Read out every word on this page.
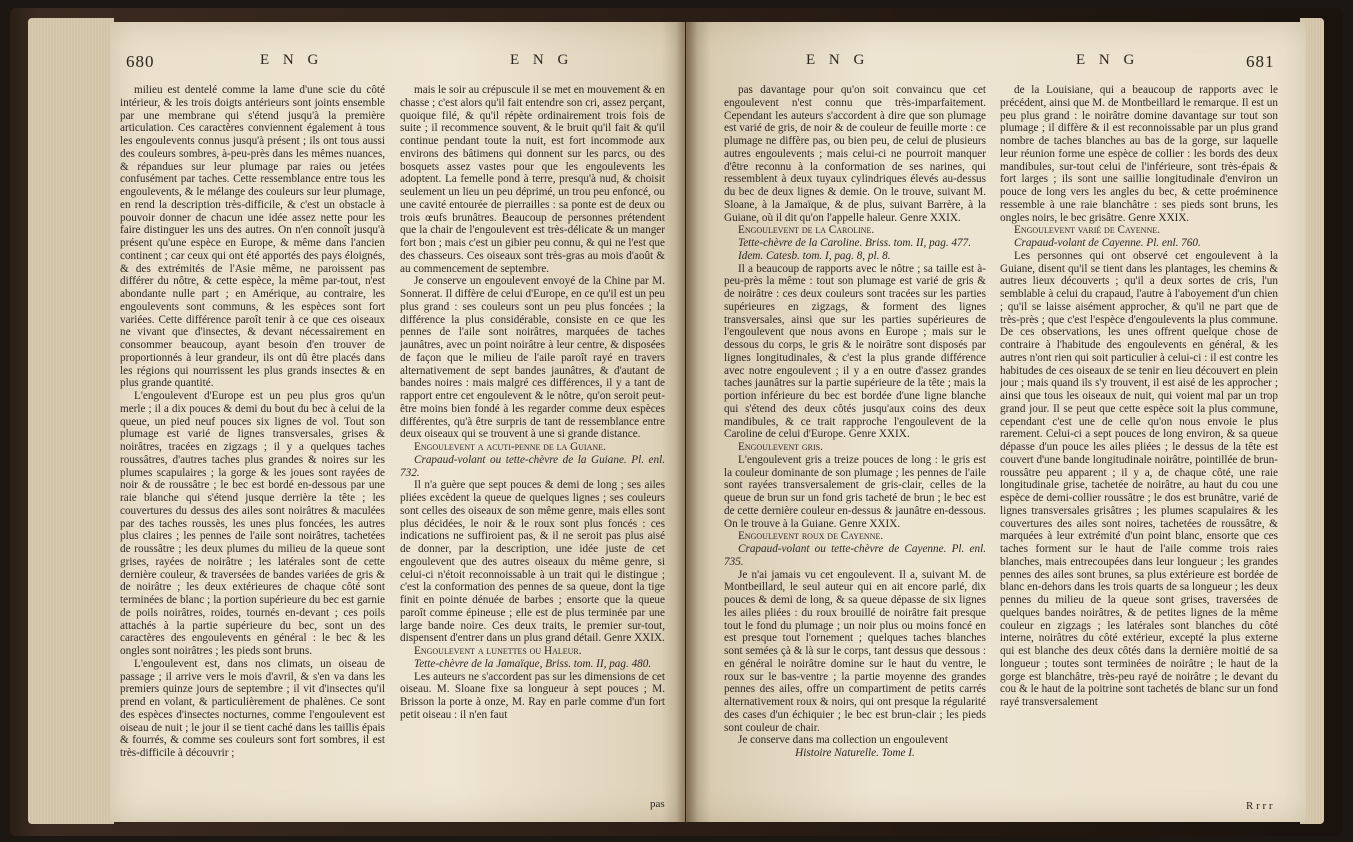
680	E N G	E N G

milieu est dentelé comme la lame d'une scie du côté intérieur, & les trois doigts antérieurs sont joints ensemble par une membrane qui s'étend jusqu'à la première articulation. Ces caractères conviennent également à tous les engoulevents connus jusqu'à présent ; ils ont tous aussi des couleurs sombres, à-peu-près dans les mêmes nuances, & répandues sur leur plumage par raies ou jetées confusément par taches. Cette ressemblance entre tous les engoulevents, & le mélange des couleurs sur leur plumage, en rend la description très-difficile, & c'est un obstacle à pouvoir donner de chacun une idée assez nette pour les faire distinguer les uns des autres. On n'en connoît jusqu'à présent qu'une espèce en Europe, & même dans l'ancien continent ; car ceux qui ont été apportés des pays éloignés, & des extrémités de l'Asie même, ne paroissent pas différer du nôtre, & cette espèce, la même par-tout, n'est abondante nulle part ; en Amérique, au contraire, les engoulevents sont communs, & les espèces sont fort variées. Cette différence paroît tenir à ce que ces oiseaux ne vivant que d'insectes, & devant nécessairement en consommer beaucoup, ayant besoin d'en trouver de proportionnés à leur grandeur, ils ont dû être placés dans les régions qui nourrissent les plus grands insectes & en plus grande quantité.

L'engoulevent d'Europe est un peu plus gros qu'un merle ; il a dix pouces & demi du bout du bec à celui de la queue, un pied neuf pouces six lignes de vol. Tout son plumage est varié de lignes transversales, grises & noirâtres, tracées en zigzags ; il y a quelques taches roussâtres, d'autres taches plus grandes & noires sur les plumes scapulaires ; la gorge & les joues sont rayées de noir & de roussâtre ; le bec est bordé en-dessous par une raie blanche qui s'étend jusque derrière la tête ; les couvertures du dessus des ailes sont noirâtres & maculées par des taches roussès, les unes plus foncées, les autres plus claires ; les pennes de l'aile sont noirâtres, tachetées de roussâtre ; les deux plumes du milieu de la queue sont grises, rayées de noirâtre ; les latérales sont de cette dernière couleur, & traversées de bandes variées de gris & de noirâtre ; les deux extérieures de chaque côté sont terminées de blanc ; la portion supérieure du bec est garnie de poils noirâtres, roides, tournés en-devant ; ces poils attachés à la partie supérieure du bec, sont un des caractères des engoulevents en général : le bec & les ongles sont noirâtres ; les pieds sont bruns.

L'engoulevent est, dans nos climats, un oiseau de passage ; il arrive vers le mois d'avril, & s'en va dans les premiers quinze jours de septembre ; il vit d'insectes qu'il prend en volant, & particulièrement de phalènes. Ce sont des espèces d'insectes nocturnes, comme l'engoulevent est oiseau de nuit ; le jour il se tient caché dans les taillis épais & fourrés, & comme ses couleurs sont fort sombres, il est très-difficile à découvrir ;

mais le soir au crépuscule il se met en mouvement & en chasse ; c'est alors qu'il fait entendre son cri, assez perçant, quoique filé, & qu'il répète ordinairement trois fois de suite ; il recommence souvent, & le bruit qu'il fait & qu'il continue pendant toute la nuit, est fort incommode aux environs des bâtimens qui donnent sur les parcs, ou des bosquets assez vastes pour que les engoulevents les adoptent. La femelle pond à terre, presqu'à nud, & choisit seulement un lieu un peu déprimé, un trou peu enfoncé, ou une cavité entourée de pierrailles : sa ponte est de deux ou trois œufs brunâtres. Beaucoup de personnes prétendent que la chair de l'engoulevent est très-délicate & un manger fort bon ; mais c'est un gibier peu connu, & qui ne l'est que des chasseurs. Ces oiseaux sont très-gras au mois d'août & au commencement de septembre.

Je conserve un engoulevent envoyé de la Chine par M. Sonnerat. Il diffère de celui d'Europe, en ce qu'il est un peu plus grand : ses couleurs sont un peu plus foncées ; la différence la plus considérable, consiste en ce que les pennes de l'aile sont noirâtres, marquées de taches jaunâtres, avec un point noirâtre à leur centre, & disposées de façon que le milieu de l'aile paroît rayé en travers alternativement de sept bandes jaunâtres, & d'autant de bandes noires : mais malgré ces différences, il y a tant de rapport entre cet engoulevent & le nôtre, qu'on seroit peut-être moins bien fondé à les regarder comme deux espèces différentes, qu'à être surpris de tant de ressemblance entre deux oiseaux qui se trouvent à une si grande distance.

Engoulevent a acuti-penne de la Guiane.

Crapaud-volant ou tette-chèvre de la Guiane. Pl. enl. 732.

Il n'a guère que sept pouces & demi de long ; ses ailes pliées excèdent la queue de quelques lignes ; ses couleurs sont celles des oiseaux de son même genre, mais elles sont plus décidées, le noir & le roux sont plus foncés : ces indications ne suffiroient pas, & il ne seroit pas plus aisé de donner, par la description, une idée juste de cet engoulevent que des autres oiseaux du même genre, si celui-ci n'étoit reconnoissable à un trait qui le distingue ; c'est la conformation des pennes de sa queue, dont la tige finit en pointe dénuée de barbes ; ensorte que la queue paroît comme épineuse ; elle est de plus terminée par une large bande noire. Ces deux traits, le premier sur-tout, dispensent d'entrer dans un plus grand détail. Genre XXIX.

Engoulevent a lunettes ou Haleur.

Tette-chèvre de la Jamaïque, Briss. tom. II, pag. 480.

Les auteurs ne s'accordent pas sur les dimensions de cet oiseau. M. Sloane fixe sa longueur à sept pouces ; M. Brisson la porte à onze, M. Ray en parle comme d'un fort petit oiseau : il n'en faut

pas
E N G	E N G	681

pas davantage pour qu'on soit convaincu que cet engoulevent n'est connu que très-imparfaitement. Cependant les auteurs s'accordent à dire que son plumage est varié de gris, de noir & de couleur de feuille morte : ce plumage ne diffère pas, ou bien peu, de celui de plusieurs autres engoulevents ; mais celui-ci ne pourroit manquer d'être reconnu à la conformation de ses narines, qui ressemblent à deux tuyaux cylindriques élevés au-dessus du bec de deux lignes & demie. On le trouve, suivant M. Sloane, à la Jamaïque, & de plus, suivant Barrère, à la Guiane, où il dit qu'on l'appelle haleur. Genre XXIX.

Engoulevent de la Caroline.

Tette-chèvre de la Caroline. Briss. tom. II, pag. 477.

Idem. Catesb. tom. I, pag. 8, pl. 8.

Il a beaucoup de rapports avec le nôtre ; sa taille est à-peu-près la même : tout son plumage est varié de gris & de noirâtre : ces deux couleurs sont tracées sur les parties supérieures en zigzags, & forment des lignes transversales, ainsi que sur les parties supérieures de l'engoulevent que nous avons en Europe ; mais sur le dessous du corps, le gris & le noirâtre sont disposés par lignes longitudinales, & c'est la plus grande différence avec notre engoulevent ; il y a en outre d'assez grandes taches jaunâtres sur la partie supérieure de la tête ; mais la portion inférieure du bec est bordée d'une ligne blanche qui s'étend des deux côtés jusqu'aux coins des deux mandibules, & ce trait rapproche l'engoulevent de la Caroline de celui d'Europe. Genre XXIX.

Engoulevent gris.

L'engoulevent gris a treize pouces de long : le gris est la couleur dominante de son plumage ; les pennes de l'aile sont rayées transversalement de gris-clair, celles de la queue de brun sur un fond gris tacheté de brun ; le bec est de cette dernière couleur en-dessus & jaunâtre en-dessous. On le trouve à la Guiane. Genre XXIX.

Engoulevent roux de Cayenne.

Crapaud-volant ou tette-chèvre de Cayenne. Pl. enl. 735.

Je n'ai jamais vu cet engoulevent. Il a, suivant M. de Montbeillard, le seul auteur qui en ait encore parlé, dix pouces & demi de long, & sa queue dépasse de six lignes les ailes pliées : du roux brouillé de noirâtre fait presque tout le fond du plumage ; un noir plus ou moins foncé en est presque tout l'ornement ; quelques taches blanches sont semées çà & là sur le corps, tant dessus que dessous : en général le noirâtre domine sur le haut du ventre, le roux sur le bas-ventre ; la partie moyenne des grandes pennes des ailes, offre un compartiment de petits carrés alternativement roux & noirs, qui ont presque la régularité des cases d'un échiquier ; le bec est brun-clair ; les pieds sont couleur de chair.

Je conserve dans ma collection un engoulevent

Histoire Naturelle. Tome I.

de la Louisiane, qui a beaucoup de rapports avec le précédent, ainsi que M. de Montbeillard le remarque. Il est un peu plus grand : le noirâtre domine davantage sur tout son plumage ; il diffère & il est reconnoissable par un plus grand nombre de taches blanches au bas de la gorge, sur laquelle leur réunion forme une espèce de collier : les bords des deux mandibules, sur-tout celui de l'inférieure, sont très-épais & fort larges ; ils sont une saillie longitudinale d'environ un pouce de long vers les angles du bec, & cette proéminence ressemble à une raie blanchâtre : ses pieds sont bruns, les ongles noirs, le bec grisâtre. Genre XXIX.

Engoulevent varié de Cayenne.

Crapaud-volant de Cayenne. Pl. enl. 760.

Les personnes qui ont observé cet engoulevent à la Guiane, disent qu'il se tient dans les plantages, les chemins & autres lieux découverts ; qu'il a deux sortes de cris, l'un semblable à celui du crapaud, l'autre à l'aboyement d'un chien ; qu'il se laisse aisément approcher, & qu'il ne part que de très-près ; que c'est l'espèce d'engoulevents la plus commune. De ces observations, les unes offrent quelque chose de contraire à l'habitude des engoulevents en général, & les autres n'ont rien qui soit particulier à celui-ci : il est contre les habitudes de ces oiseaux de se tenir en lieu découvert en plein jour ; mais quand ils s'y trouvent, il est aisé de les approcher ; ainsi que tous les oiseaux de nuit, qui voient mal par un trop grand jour. Il se peut que cette espèce soit la plus commune, cependant c'est une de celle qu'on nous envoie le plus rarement. Celui-ci a sept pouces de long environ, & sa queue dépasse d'un pouce les ailes pliées ; le dessus de la tête est couvert d'une bande longitudinale noirâtre, pointillée de brun-roussâtre peu apparent ; il y a, de chaque côté, une raie longitudinale grise, tachetée de noirâtre, au haut du cou une espèce de demi-collier roussâtre ; le dos est brunâtre, varié de lignes transversales grisâtres ; les plumes scapulaires & les couvertures des ailes sont noires, tachetées de roussâtre, & marquées à leur extrémité d'un point blanc, ensorte que ces taches forment sur le haut de l'aile comme trois raies blanches, mais entrecoupées dans leur longueur ; les grandes pennes des ailes sont brunes, sa plus extérieure est bordée de blanc en-dehors dans les trois quarts de sa longueur ; les deux pennes du milieu de la queue sont grises, traversées de quelques bandes noirâtres, & de petites lignes de la même couleur en zigzags ; les latérales sont blanches du côté interne, noirâtres du côté extérieur, excepté la plus externe qui est blanche des deux côtés dans la dernière moitié de sa longueur ; toutes sont terminées de noirâtre ; le haut de la gorge est blanchâtre, très-peu rayé de noirâtre ; le devant du cou & le haut de la poitrine sont tachetés de blanc sur un fond rayé transversalement

R r r r
